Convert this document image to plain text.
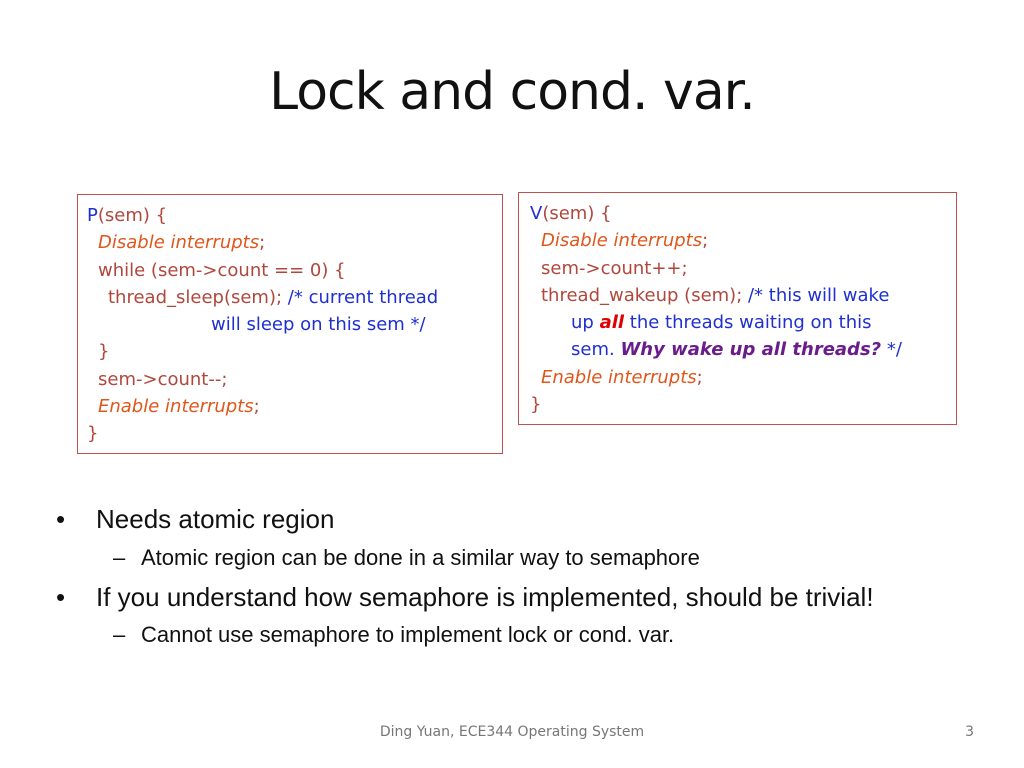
Lock and cond. var.
P(sem) {
Disable interrupts;
while (sem->count == 0) {
thread_sleep(sem); /* current thread
will sleep on this sem */
}
sem->count--;
Enable interrupts;
}
V(sem) {
Disable interrupts;
sem->count++;
thread_wakeup (sem); /* this will wake
up all the threads waiting on this
sem. Why wake up all threads? */
Enable interrupts;
}
• Needs atomic region
– Atomic region can be done in a similar way to semaphore
• If you understand how semaphore is implemented, should be trivial!
– Cannot use semaphore to implement lock or cond. var.
Ding Yuan, ECE344 Operating System	3
